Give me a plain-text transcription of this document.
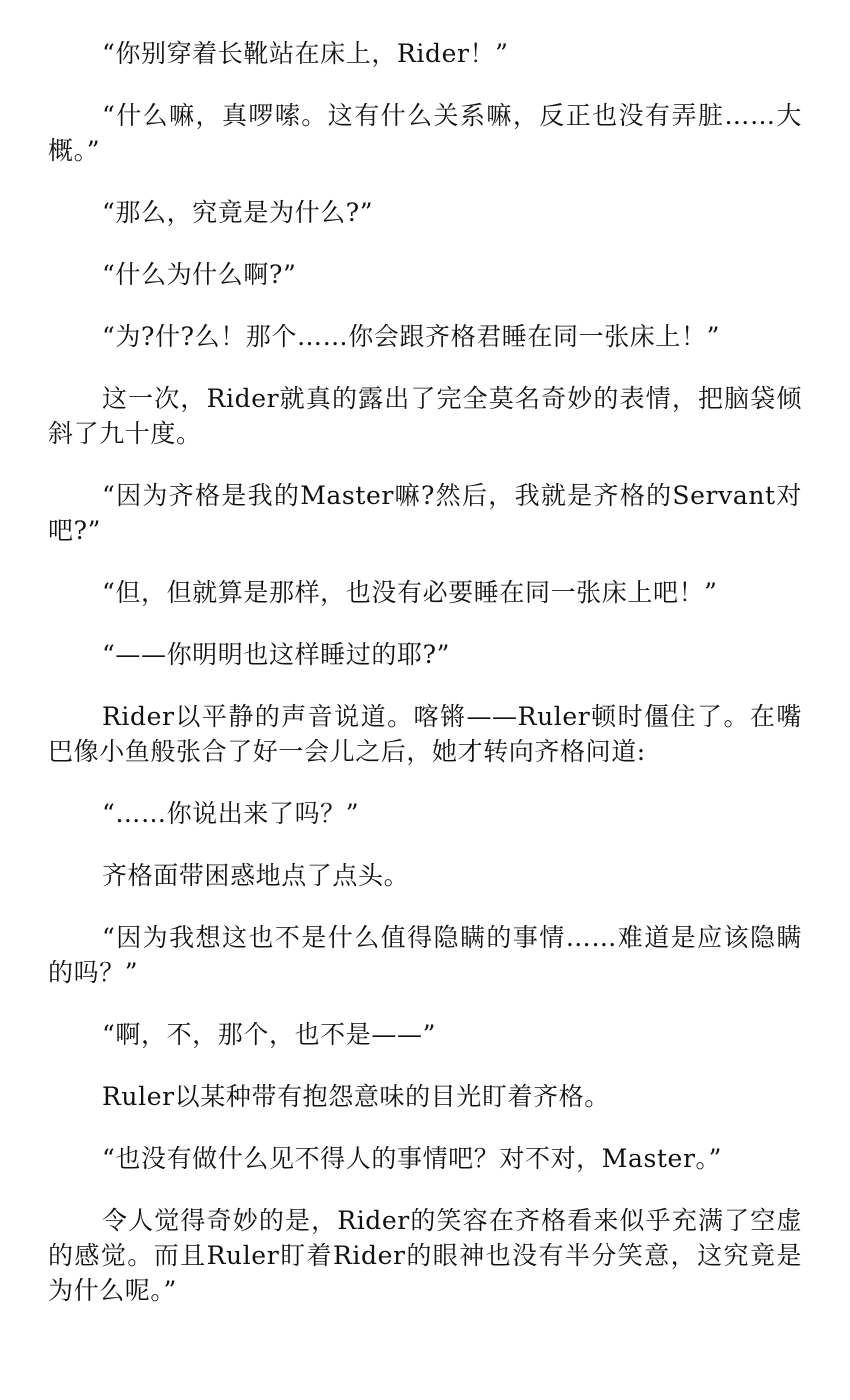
“你别穿着长靴站在床上，Rider！”

“什么嘛，真啰嗦。这有什么关系嘛，反正也没有弄脏……大概。”

“那么，究竟是为什么?”

“什么为什么啊?”

“为?什?么！那个……你会跟齐格君睡在同一张床上！”

这一次，Rider就真的露出了完全莫名奇妙的表情，把脑袋倾斜了九十度。

“因为齐格是我的Master嘛?然后，我就是齐格的Servant对吧?”

“但，但就算是那样，也没有必要睡在同一张床上吧！”

“——你明明也这样睡过的耶?”

Rider以平静的声音说道。喀锵——Ruler顿时僵住了。在嘴巴像小鱼般张合了好一会儿之后，她才转向齐格问道:

“……你说出来了吗？”

齐格面带困惑地点了点头。

“因为我想这也不是什么值得隐瞒的事情……难道是应该隐瞒的吗？”

“啊，不，那个，也不是——”

Ruler以某种带有抱怨意味的目光盯着齐格。

“也没有做什么见不得人的事情吧？对不对，Master。”

令人觉得奇妙的是，Rider的笑容在齐格看来似乎充满了空虚的感觉。而且Ruler盯着Rider的眼神也没有半分笑意，这究竟是为什么呢。”
